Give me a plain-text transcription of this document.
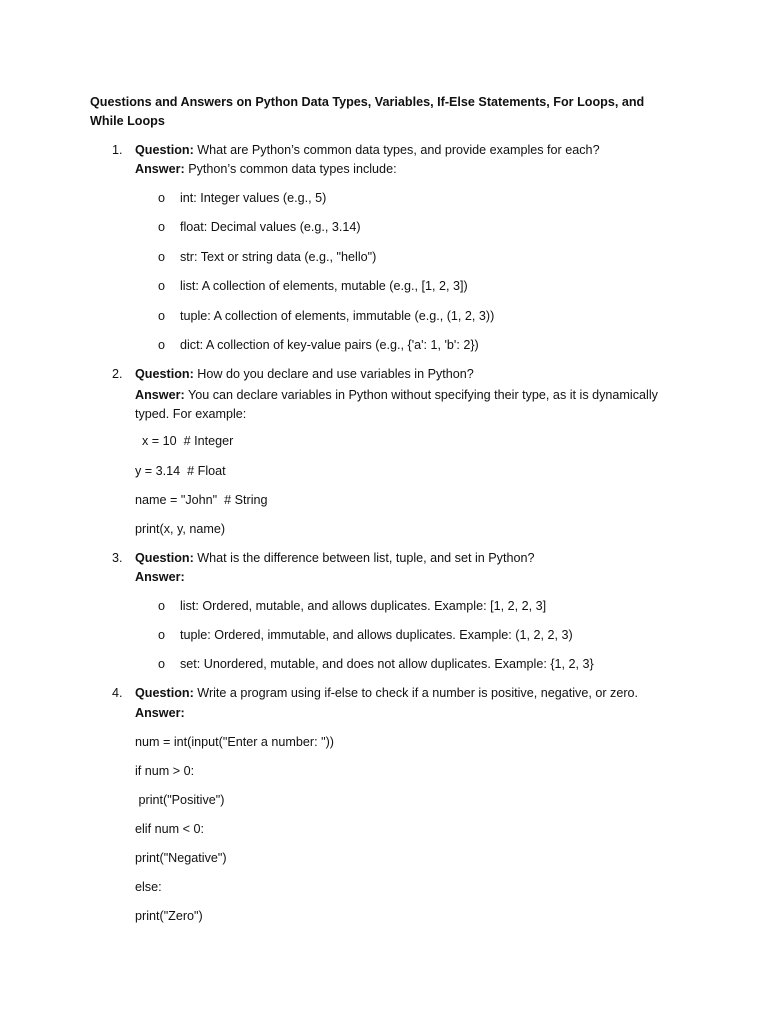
Questions and Answers on Python Data Types, Variables, If-Else Statements, For Loops, and While Loops
1. Question: What are Python’s common data types, and provide examples for each?
Answer: Python’s common data types include:
o int: Integer values (e.g., 5)
o float: Decimal values (e.g., 3.14)
o str: Text or string data (e.g., "hello")
o list: A collection of elements, mutable (e.g., [1, 2, 3])
o tuple: A collection of elements, immutable (e.g., (1, 2, 3))
o dict: A collection of key-value pairs (e.g., {'a': 1, 'b': 2})
2. Question: How do you declare and use variables in Python?
Answer: You can declare variables in Python without specifying their type, as it is dynamically typed. For example:
x = 10  # Integer
y = 3.14  # Float
name = "John"  # String
print(x, y, name)
3. Question: What is the difference between list, tuple, and set in Python?
Answer:
o list: Ordered, mutable, and allows duplicates. Example: [1, 2, 2, 3]
o tuple: Ordered, immutable, and allows duplicates. Example: (1, 2, 2, 3)
o set: Unordered, mutable, and does not allow duplicates. Example: {1, 2, 3}
4. Question: Write a program using if-else to check if a number is positive, negative, or zero.
Answer:
num = int(input("Enter a number: "))
if num > 0:
print("Positive")
elif num < 0:
print("Negative")
else:
print("Zero")
